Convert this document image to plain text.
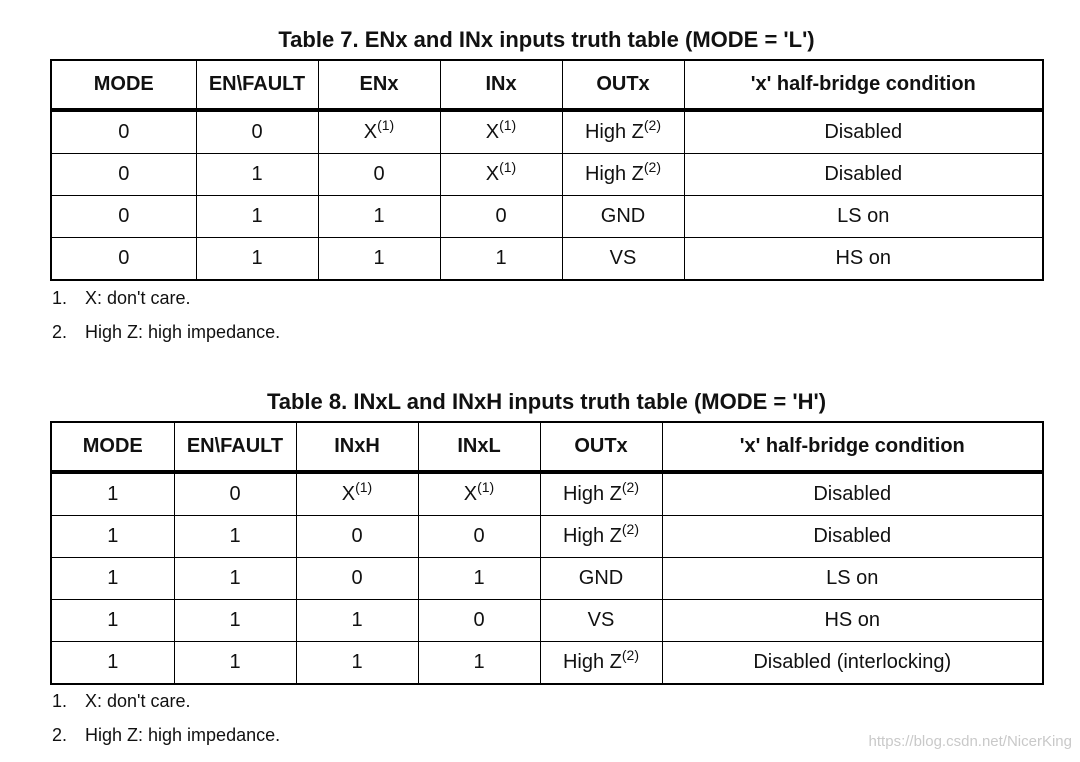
Table 7. ENx and INx inputs truth table (MODE = 'L')
MODE	EN\FAULT	ENx	INx	OUTx	'x' half-bridge condition
0	0	$X^{(1)}$	$X^{(1)}$	High $Z^{(2)}$	Disabled
0	1	0	$X^{(1)}$	High $Z^{(2)}$	Disabled
0	1	1	0	GND	LS on
0	1	1	1	VS	HS on
1. X: don't care.
2. High Z: high impedance.
Table 8. INxL and INxH inputs truth table (MODE = 'H')
MODE	EN\FAULT	INxH	INxL	OUTx	'x' half-bridge condition
1	0	$X^{(1)}$	$X^{(1)}$	High $Z^{(2)}$	Disabled
1	1	0	0	High $Z^{(2)}$	Disabled
1	1	0	1	GND	LS on
1	1	1	0	VS	HS on
1	1	1	1	High $Z^{(2)}$	Disabled (interlocking)
1. X: don't care.
2. High Z: high impedance.	https://blog.csdn.net/NicerKing
